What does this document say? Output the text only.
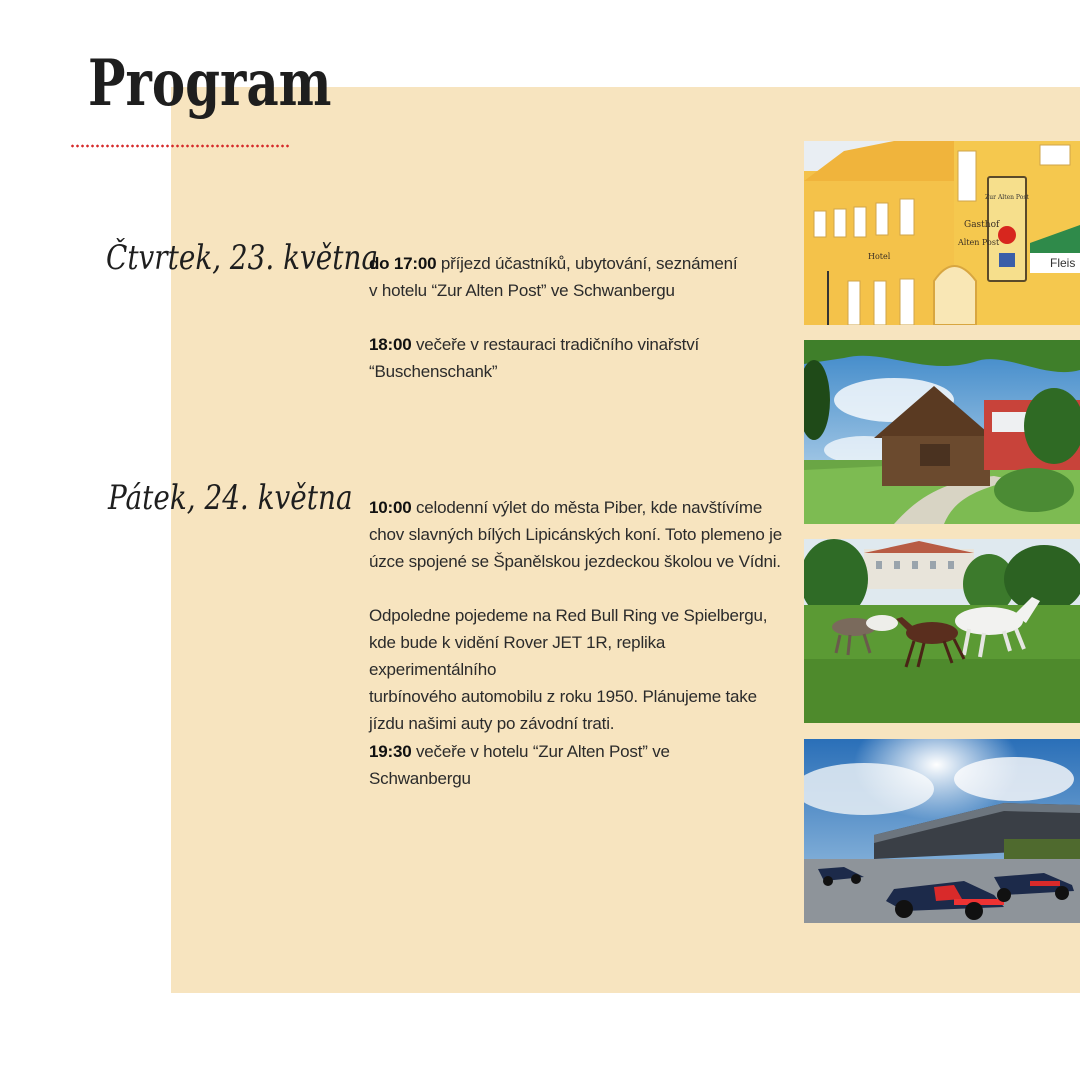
Program
Čtvrtek, 23. května

do 17:00 příjezd účastníků, ubytování, seznámení
v hotelu “Zur Alten Post” ve Schwanbergu

18:00 večeře v restauraci tradičního vinařství
“Buschenschank”

Pátek, 24. května 10:00 celodenní výlet do města Piber, kde navštívíme
chov slavných bílých Lipicánských koní. Toto plemeno je
úzce spojené se Španělskou jezdeckou školou ve Vídni.

Odpoledne pojedeme na Red Bull Ring ve Spielbergu,
kde bude k vidění Rover JET 1R, replika experimentálního
turbínového automobilu z roku 1950. Plánujeme take
jízdu našimi auty po závodní trati.

19:30 večeře v hotelu “Zur Alten Post” ve
Schwanbergu

Zur Alten Post
Gasthof
Alten Post
Hotel	Fleis
